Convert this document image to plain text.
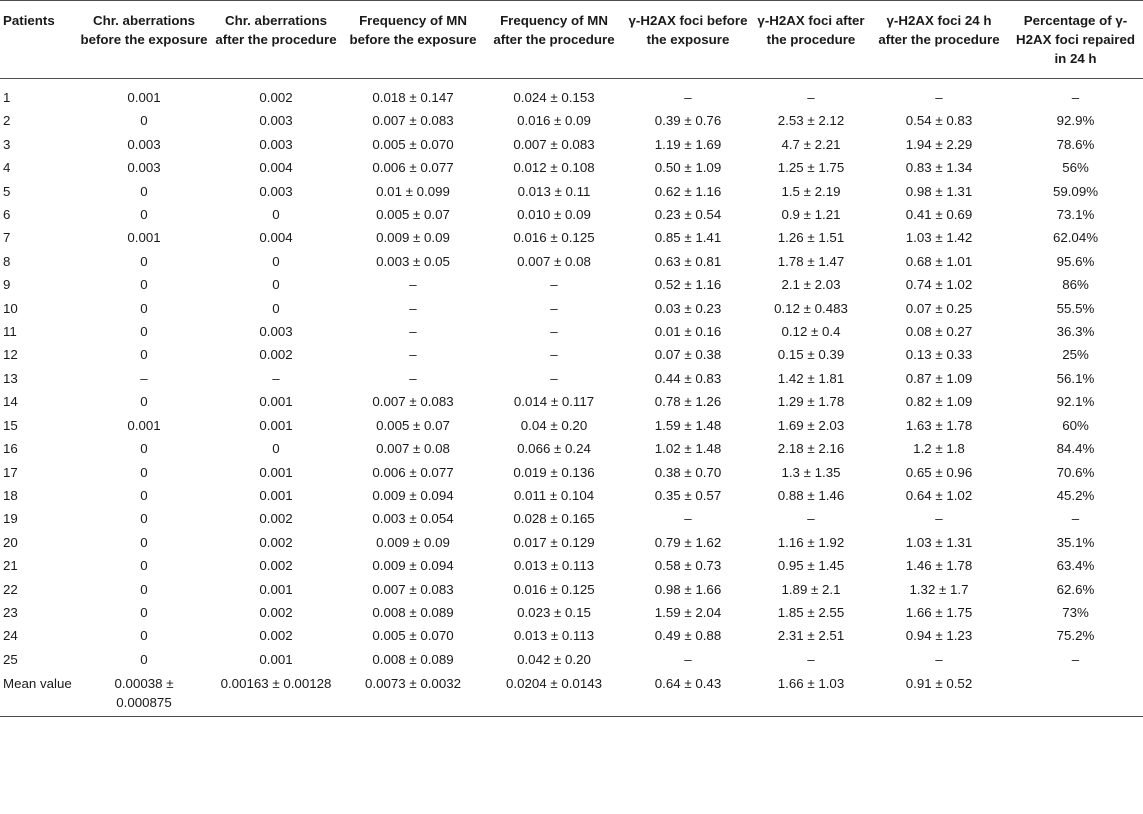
Patients	Chr. aberrations before the exposure	Chr. aberrations after the procedure	Frequency of MN before the exposure	Frequency of MN after the procedure	γ-H2AX foci before the exposure	γ-H2AX foci after the procedure	γ-H2AX foci 24 h after the procedure	Percentage of γ-H2AX foci repaired in 24 h
1	0.001	0.002	0.018 ± 0.147	0.024 ± 0.153	–	–	–	–
2	0	0.003	0.007 ± 0.083	0.016 ± 0.09	0.39 ± 0.76	2.53 ± 2.12	0.54 ± 0.83	92.9%
3	0.003	0.003	0.005 ± 0.070	0.007 ± 0.083	1.19 ± 1.69	4.7 ± 2.21	1.94 ± 2.29	78.6%
4	0.003	0.004	0.006 ± 0.077	0.012 ± 0.108	0.50 ± 1.09	1.25 ± 1.75	0.83 ± 1.34	56%
5	0	0.003	0.01 ± 0.099	0.013 ± 0.11	0.62 ± 1.16	1.5 ± 2.19	0.98 ± 1.31	59.09%
6	0	0	0.005 ± 0.07	0.010 ± 0.09	0.23 ± 0.54	0.9 ± 1.21	0.41 ± 0.69	73.1%
7	0.001	0.004	0.009 ± 0.09	0.016 ± 0.125	0.85 ± 1.41	1.26 ± 1.51	1.03 ± 1.42	62.04%
8	0	0	0.003 ± 0.05	0.007 ± 0.08	0.63 ± 0.81	1.78 ± 1.47	0.68 ± 1.01	95.6%
9	0	0	–	–	0.52 ± 1.16	2.1 ± 2.03	0.74 ± 1.02	86%
10	0	0	–	–	0.03 ± 0.23	0.12 ± 0.483	0.07 ± 0.25	55.5%
11	0	0.003	–	–	0.01 ± 0.16	0.12 ± 0.4	0.08 ± 0.27	36.3%
12	0	0.002	–	–	0.07 ± 0.38	0.15 ± 0.39	0.13 ± 0.33	25%
13	–	–	–	–	0.44 ± 0.83	1.42 ± 1.81	0.87 ± 1.09	56.1%
14	0	0.001	0.007 ± 0.083	0.014 ± 0.117	0.78 ± 1.26	1.29 ± 1.78	0.82 ± 1.09	92.1%
15	0.001	0.001	0.005 ± 0.07	0.04 ± 0.20	1.59 ± 1.48	1.69 ± 2.03	1.63 ± 1.78	60%
16	0	0	0.007 ± 0.08	0.066 ± 0.24	1.02 ± 1.48	2.18 ± 2.16	1.2 ± 1.8	84.4%
17	0	0.001	0.006 ± 0.077	0.019 ± 0.136	0.38 ± 0.70	1.3 ± 1.35	0.65 ± 0.96	70.6%
18	0	0.001	0.009 ± 0.094	0.011 ± 0.104	0.35 ± 0.57	0.88 ± 1.46	0.64 ± 1.02	45.2%
19	0	0.002	0.003 ± 0.054	0.028 ± 0.165	–	–	–	–
20	0	0.002	0.009 ± 0.09	0.017 ± 0.129	0.79 ± 1.62	1.16 ± 1.92	1.03 ± 1.31	35.1%
21	0	0.002	0.009 ± 0.094	0.013 ± 0.113	0.58 ± 0.73	0.95 ± 1.45	1.46 ± 1.78	63.4%
22	0	0.001	0.007 ± 0.083	0.016 ± 0.125	0.98 ± 1.66	1.89 ± 2.1	1.32 ± 1.7	62.6%
23	0	0.002	0.008 ± 0.089	0.023 ± 0.15	1.59 ± 2.04	1.85 ± 2.55	1.66 ± 1.75	73%
24	0	0.002	0.005 ± 0.070	0.013 ± 0.113	0.49 ± 0.88	2.31 ± 2.51	0.94 ± 1.23	75.2%
25	0	0.001	0.008 ± 0.089	0.042 ± 0.20	–	–	–	–
Mean value	0.00038 ± 0.000875	0.00163 ± 0.00128	0.0073 ± 0.0032	0.0204 ± 0.0143	0.64 ± 0.43	1.66 ± 1.03	0.91 ± 0.52	
